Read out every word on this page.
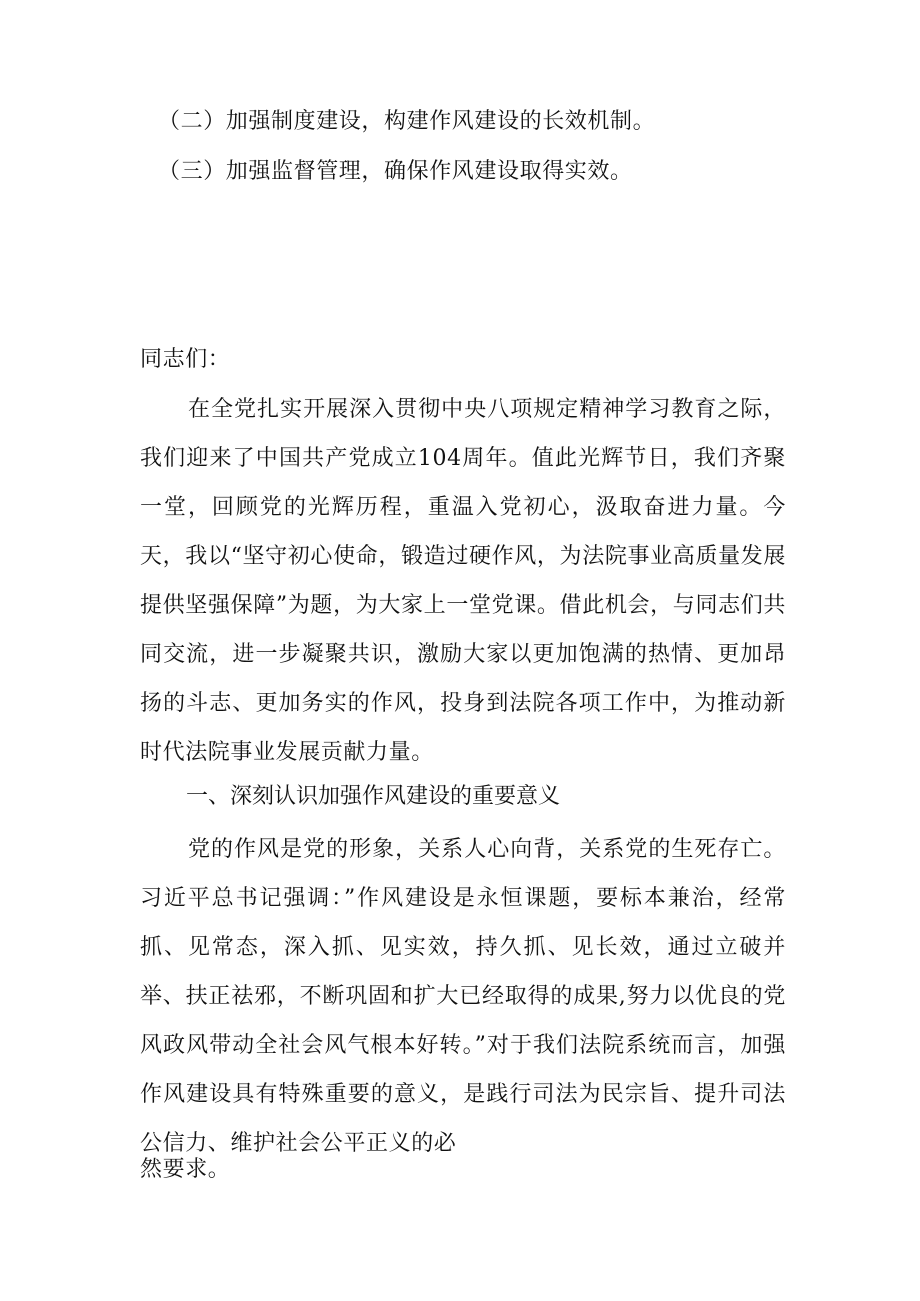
（二）加强制度建设，构建作风建设的长效机制。
（三）加强监督管理，确保作风建设取得实效。
同志们：
在全党扎实开展深入贯彻中央八项规定精神学习教育之际，我们迎来了中国共产党成立104周年。值此光辉节日，我们齐聚一堂，回顾党的光辉历程，重温入党初心，汲取奋进力量。今天，我以“坚守初心使命，锻造过硬作风，为法院事业高质量发展提供坚强保障”为题，为大家上一堂党课。借此机会，与同志们共同交流，进一步凝聚共识，激励大家以更加饱满的热情、更加昂扬的斗志、更加务实的作风，投身到法院各项工作中，为推动新时代法院事业发展贡献力量。
一、深刻认识加强作风建设的重要意义
党的作风是党的形象，关系人心向背，关系党的生死存亡。习近平总书记强调：”作风建设是永恒课题，要标本兼治，经常抓、见常态，深入抓、见实效，持久抓、见长效，通过立破并举、扶正祛邪，不断巩固和扩大已经取得的成果,努力以优良的党风政风带动全社会风气根本好转。”对于我们法院系统而言，加强作风建设具有特殊重要的意义，是践行司法为民宗旨、提升司法公信力、维护社会公平正义的必
然要求。
